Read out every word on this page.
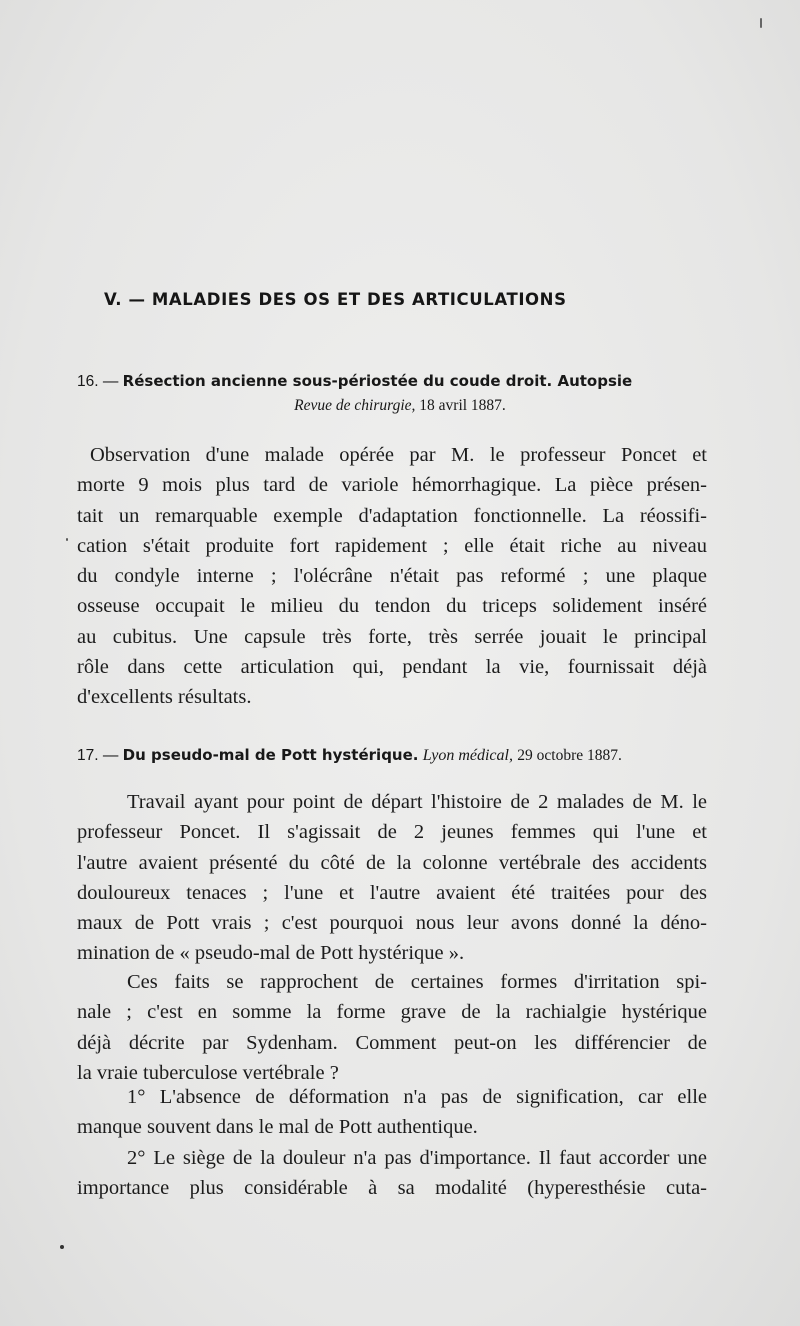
V. — MALADIES DES OS ET DES ARTICULATIONS
16. — Résection ancienne sous-périostée du coude droit. Autopsie
Revue de chirurgie, 18 avril 1887.
Observation d'une malade opérée par M. le professeur Poncet et
morte 9 mois plus tard de variole hémorrhagique. La pièce présen-
tait un remarquable exemple d'adaptation fonctionnelle. La réossifi-
cation s'était produite fort rapidement ; elle était riche au niveau
du condyle interne ; l'olécrâne n'était pas reformé ; une plaque
osseuse occupait le milieu du tendon du triceps solidement inséré
au cubitus. Une capsule très forte, très serrée jouait le principal
rôle dans cette articulation qui, pendant la vie, fournissait déjà
d'excellents résultats.
17. — Du pseudo-mal de Pott hystérique. Lyon médical, 29 octobre 1887.
Travail ayant pour point de départ l'histoire de 2 malades de M. le
professeur Poncet. Il s'agissait de 2 jeunes femmes qui l'une et
l'autre avaient présenté du côté de la colonne vertébrale des accidents
douloureux tenaces ; l'une et l'autre avaient été traitées pour des
maux de Pott vrais ; c'est pourquoi nous leur avons donné la déno-
mination de « pseudo-mal de Pott hystérique ».
Ces faits se rapprochent de certaines formes d'irritation spi-
nale ; c'est en somme la forme grave de la rachialgie hystérique
déjà décrite par Sydenham. Comment peut-on les différencier de
la vraie tuberculose vertébrale ?
1° L'absence de déformation n'a pas de signification, car elle
manque souvent dans le mal de Pott authentique.
2° Le siège de la douleur n'a pas d'importance. Il faut accorder une
importance plus considérable à sa modalité (hyperesthésie cuta-
